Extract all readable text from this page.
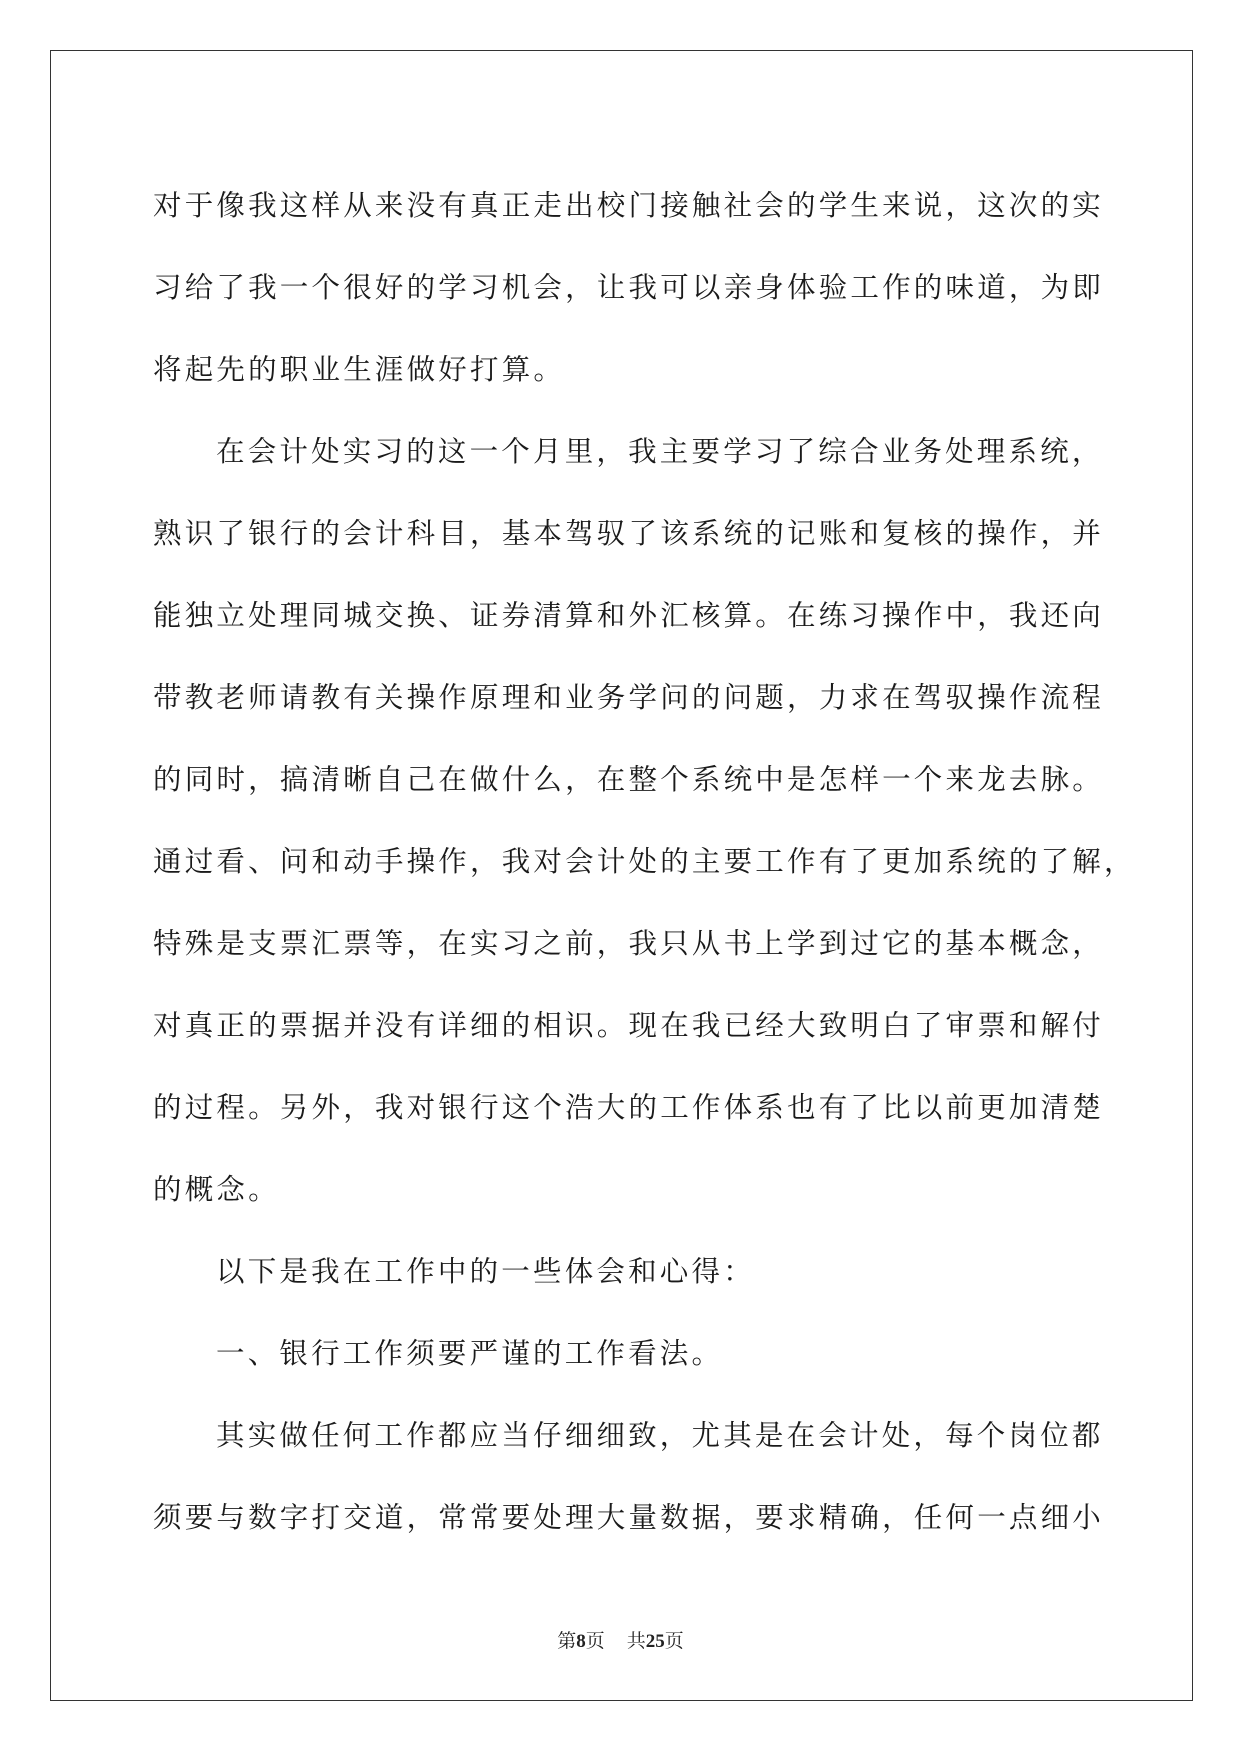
对于像我这样从来没有真正走出校门接触社会的学生来说，这次的实
习给了我一个很好的学习机会，让我可以亲身体验工作的味道，为即
将起先的职业生涯做好打算。
在会计处实习的这一个月里，我主要学习了综合业务处理系统，
熟识了银行的会计科目，基本驾驭了该系统的记账和复核的操作，并
能独立处理同城交换、证券清算和外汇核算。在练习操作中，我还向
带教老师请教有关操作原理和业务学问的问题，力求在驾驭操作流程
的同时，搞清晰自己在做什么，在整个系统中是怎样一个来龙去脉。
通过看、问和动手操作，我对会计处的主要工作有了更加系统的了解，
特殊是支票汇票等，在实习之前，我只从书上学到过它的基本概念，
对真正的票据并没有详细的相识。现在我已经大致明白了审票和解付
的过程。另外，我对银行这个浩大的工作体系也有了比以前更加清楚
的概念。
以下是我在工作中的一些体会和心得：
一、银行工作须要严谨的工作看法。
其实做任何工作都应当仔细细致，尤其是在会计处，每个岗位都
须要与数字打交道，常常要处理大量数据，要求精确，任何一点细小
第8页 共25页
